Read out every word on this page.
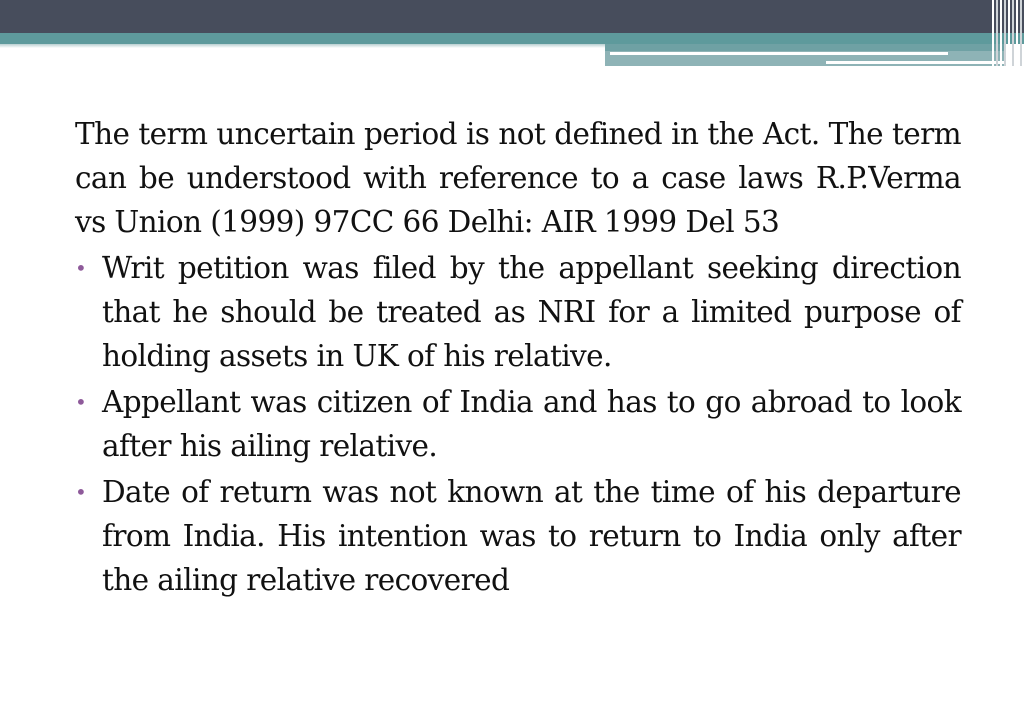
The term uncertain period is not defined in the Act. The term can be understood with reference to a case laws R.P.Verma vs Union (1999) 97CC 66 Delhi: AIR 1999 Del 53

• Writ petition was filed by the appellant seeking direction that he should be treated as NRI for a limited purpose of holding assets in UK of his relative.
• Appellant was citizen of India and has to go abroad to look after his ailing relative.
• Date of return was not known at the time of his departure from India. His intention was to return to India only after the ailing relative recovered
